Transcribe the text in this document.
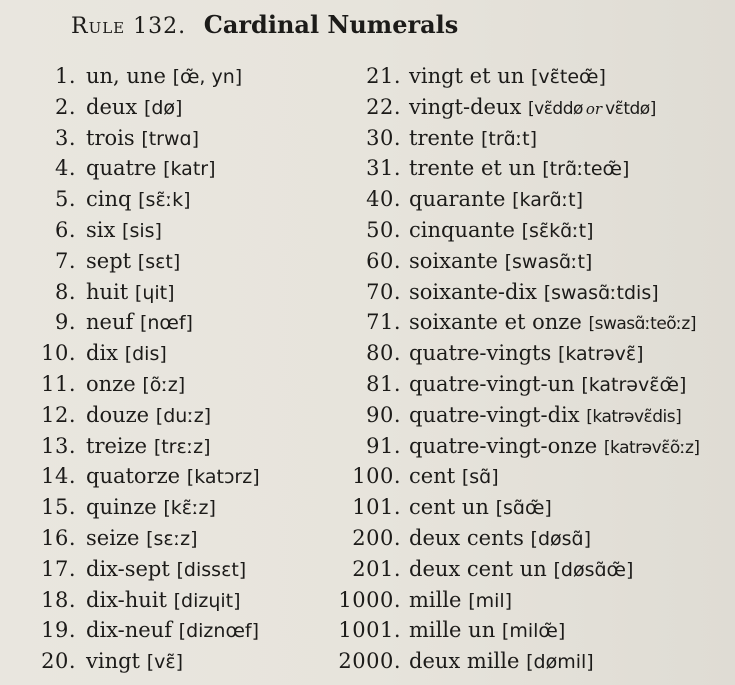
Rule 132. Cardinal Numerals
1. un, une [œ̃, yn]
2. deux [dø]
3. trois [trwɑ]
4. quatre [katr]
5. cinq [sɛ̃ːk]
6. six [sis]
7. sept [sɛt]
8. huit [ɥit]
9. neuf [nœf]
10. dix [dis]
11. onze [õːz]
12. douze [duːz]
13. treize [trɛːz]
14. quatorze [katɔrz]
15. quinze [kɛ̃ːz]
16. seize [sɛːz]
17. dix-sept [dissɛt]
18. dix-huit [dizɥit]
19. dix-neuf [diznœf]
20. vingt [vɛ̃]
21. vingt et un [vɛ̃teœ̃]
22. vingt-deux [vɛ̃ddø or vɛ̃tdø]
30. trente [trɑ̃ːt]
31. trente et un [trɑ̃ːteœ̃]
40. quarante [karɑ̃ːt]
50. cinquante [sɛ̃kɑ̃ːt]
60. soixante [swasɑ̃ːt]
70. soixante-dix [swasɑ̃ːtdis]
71. soixante et onze [swasɑ̃ːteõːz]
80. quatre-vingts [katrəvɛ̃]
81. quatre-vingt-un [katrəvɛ̃œ̃]
90. quatre-vingt-dix [katrəvɛ̃dis]
91. quatre-vingt-onze [katrəvɛ̃õːz]
100. cent [sɑ̃]
101. cent un [sɑ̃œ̃]
200. deux cents [døsɑ̃]
201. deux cent un [døsɑ̃œ̃]
1000. mille [mil]
1001. mille un [milœ̃]
2000. deux mille [dømil]
